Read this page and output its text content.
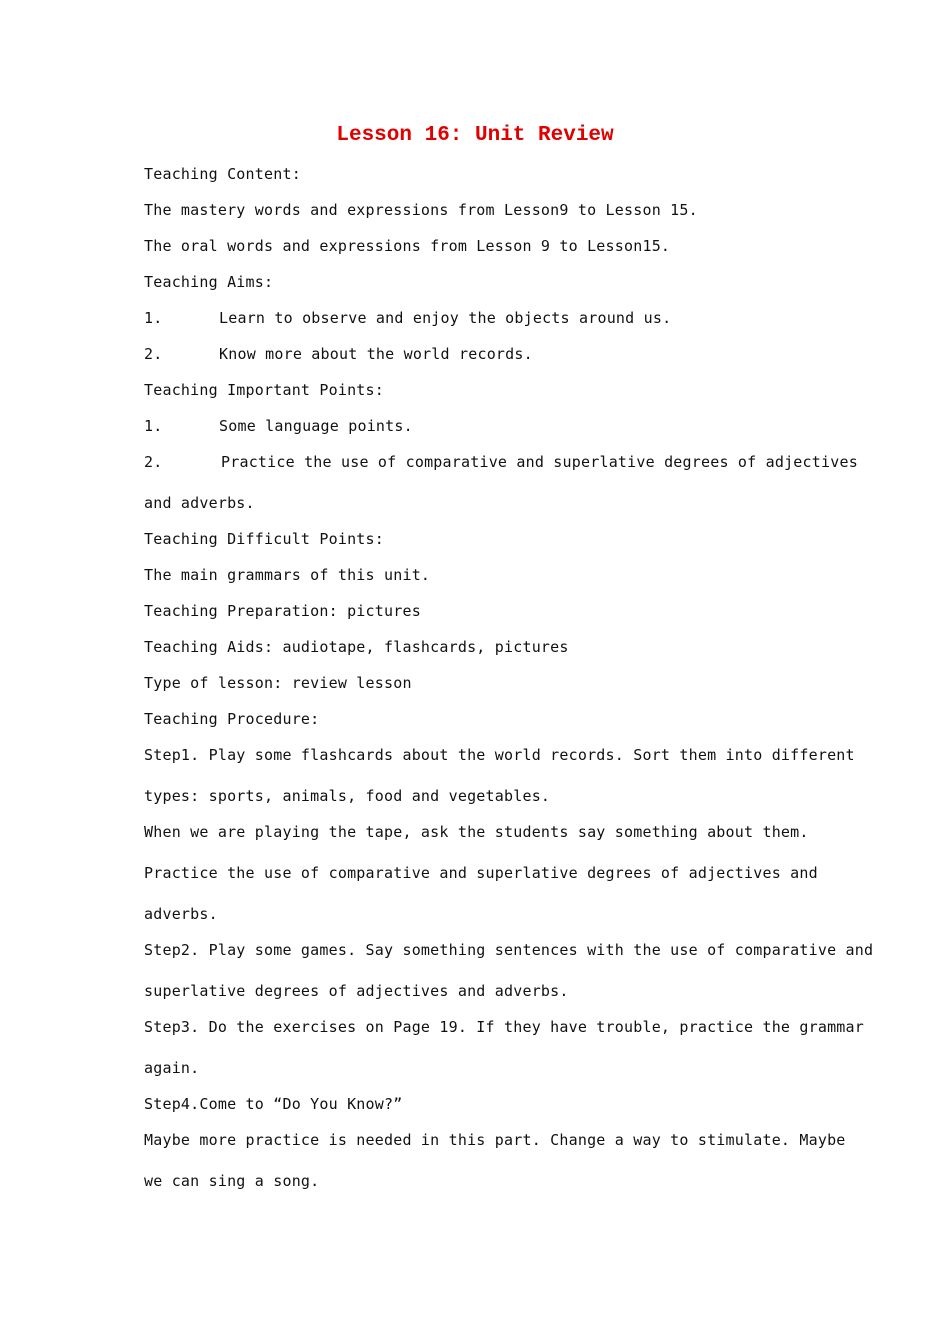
Lesson 16: Unit Review
Teaching Content:
The mastery words and expressions from Lesson9 to Lesson 15.
The oral words and expressions from Lesson 9 to Lesson15.
Teaching Aims:
1.	Learn to observe and enjoy the objects around us.
2.	Know more about the world records.
Teaching Important Points:
1.	Some language points.
2.	Practice the use of comparative and superlative degrees of adjectives
and adverbs.
Teaching Difficult Points:
The main grammars of this unit.
Teaching Preparation: pictures
Teaching Aids: audiotape, flashcards, pictures
Type of lesson: review lesson
Teaching Procedure:
Step1. Play some flashcards about the world records. Sort them into different
types: sports, animals, food and vegetables.
When we are playing the tape, ask the students say something about them.
Practice the use of comparative and superlative degrees of adjectives and
adverbs.
Step2. Play some games. Say something sentences with the use of comparative and
superlative degrees of adjectives and adverbs.
Step3. Do the exercises on Page 19. If they have trouble, practice the grammar
again.
Step4.Come to “Do You Know?”
Maybe more practice is needed in this part. Change a way to stimulate. Maybe
we can sing a song.
